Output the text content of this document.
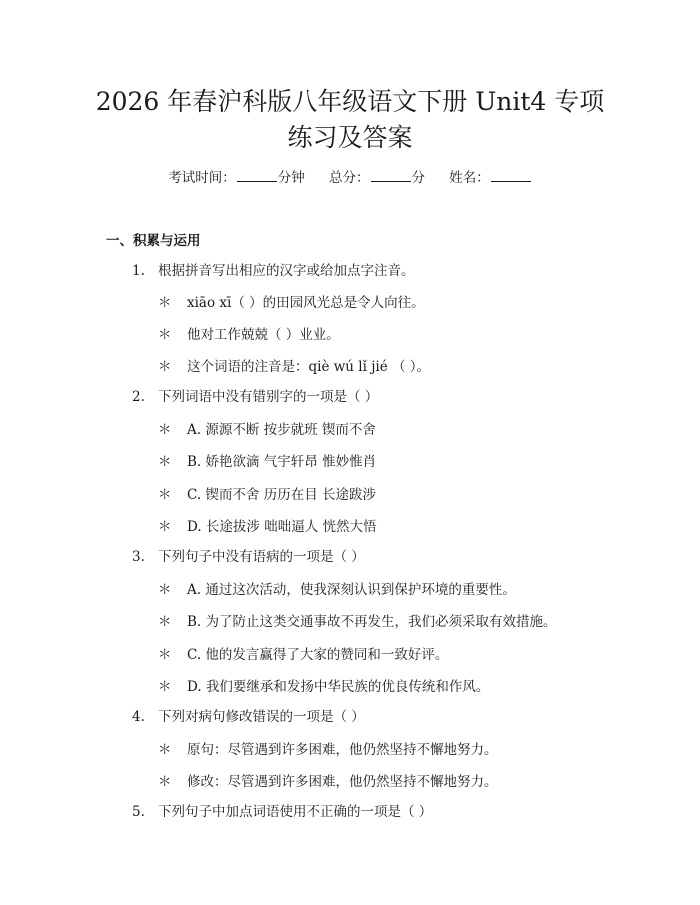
2026 年春沪科版八年级语文下册 Unit4 专项
练习及答案
考试时间：	分钟 总分：	分 姓名：
一、积累与运用
1. 根据拼音写出相应的汉字或给加点字注音。
＊ xiāo xī（ ）的田园风光总是令人向往。
＊ 他对工作兢兢（ ）业业。
＊ 这个词语的注音是：qiè wú lǐ jié （ ）。
2. 下列词语中没有错别字的一项是（ ）
＊ A. 源源不断 按步就班 锲而不舍
＊ B. 娇艳欲滴 气宇轩昂 惟妙惟肖
＊ C. 锲而不舍 历历在目 长途跋涉
＊ D. 长途拔涉 咄咄逼人 恍然大悟
3. 下列句子中没有语病的一项是（ ）
＊ A. 通过这次活动，使我深刻认识到保护环境的重要性。
＊ B. 为了防止这类交通事故不再发生，我们必须采取有效措施。
＊ C. 他的发言赢得了大家的赞同和一致好评。
＊ D. 我们要继承和发扬中华民族的优良传统和作风。
4. 下列对病句修改错误的一项是（ ）
＊ 原句：尽管遇到许多困难，他仍然坚持不懈地努力。
＊ 修改：尽管遇到许多困难，他仍然坚持不懈地努力。
5. 下列句子中加点词语使用不正确的一项是（ ）
